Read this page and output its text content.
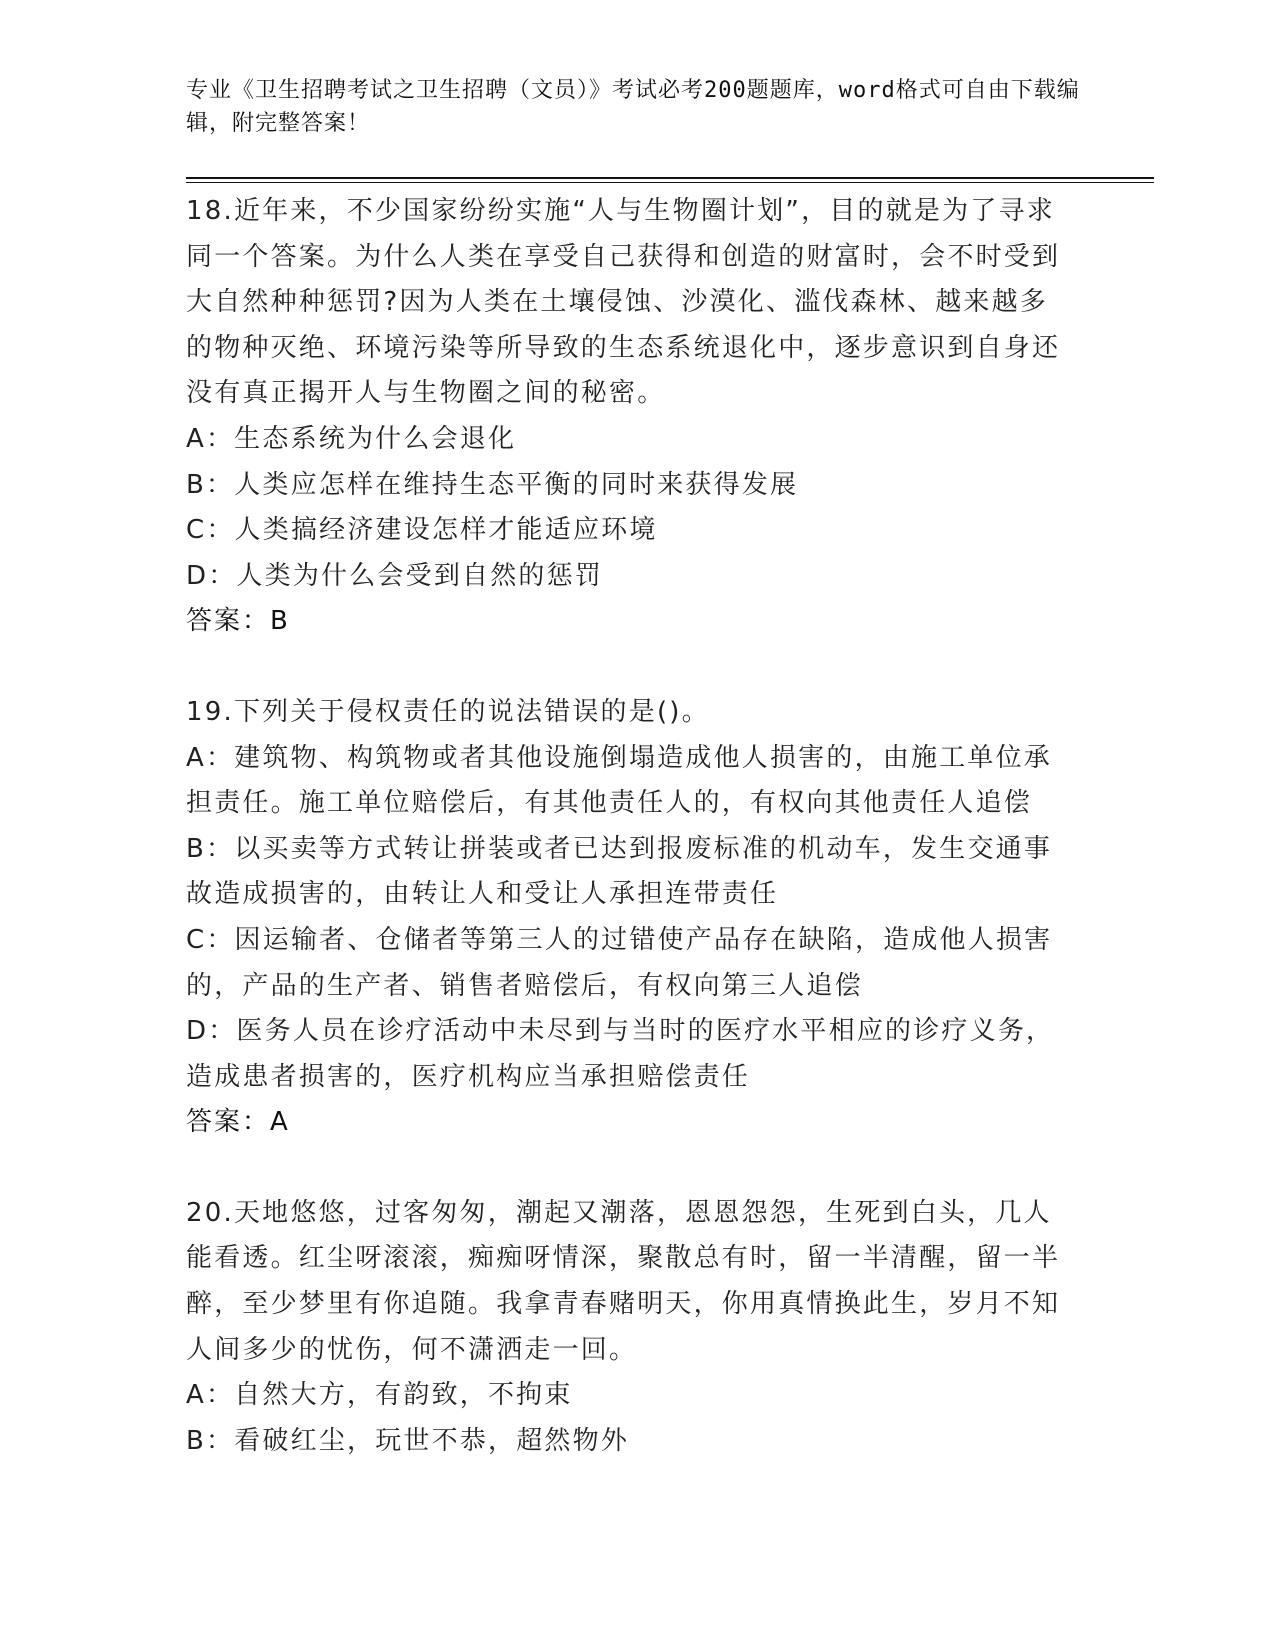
专业《卫生招聘考试之卫生招聘（文员）》考试必考200题题库，word格式可自由下载编辑，附完整答案！

18.近年来，不少国家纷纷实施“人与生物圈计划”，目的就是为了寻求同一个答案。为什么人类在享受自己获得和创造的财富时，会不时受到大自然种种惩罚?因为人类在土壤侵蚀、沙漠化、滥伐森林、越来越多的物种灭绝、环境污染等所导致的生态系统退化中，逐步意识到自身还没有真正揭开人与生物圈之间的秘密。

A：生态系统为什么会退化

B：人类应怎样在维持生态平衡的同时来获得发展

C：人类搞经济建设怎样才能适应环境

D：人类为什么会受到自然的惩罚

答案：B

19.下列关于侵权责任的说法错误的是()。

A：建筑物、构筑物或者其他设施倒塌造成他人损害的，由施工单位承担责任。施工单位赔偿后，有其他责任人的，有权向其他责任人追偿

B：以买卖等方式转让拼装或者已达到报废标准的机动车，发生交通事故造成损害的，由转让人和受让人承担连带责任

C：因运输者、仓储者等第三人的过错使产品存在缺陷，造成他人损害的，产品的生产者、销售者赔偿后，有权向第三人追偿

D：医务人员在诊疗活动中未尽到与当时的医疗水平相应的诊疗义务，造成患者损害的，医疗机构应当承担赔偿责任

答案：A

20.天地悠悠，过客匆匆，潮起又潮落，恩恩怨怨，生死到白头，几人能看透。红尘呀滚滚，痴痴呀情深，聚散总有时，留一半清醒，留一半醉，至少梦里有你追随。我拿青春赌明天，你用真情换此生，岁月不知人间多少的忧伤，何不潇洒走一回。

A：自然大方，有韵致，不拘束

B：看破红尘，玩世不恭，超然物外
